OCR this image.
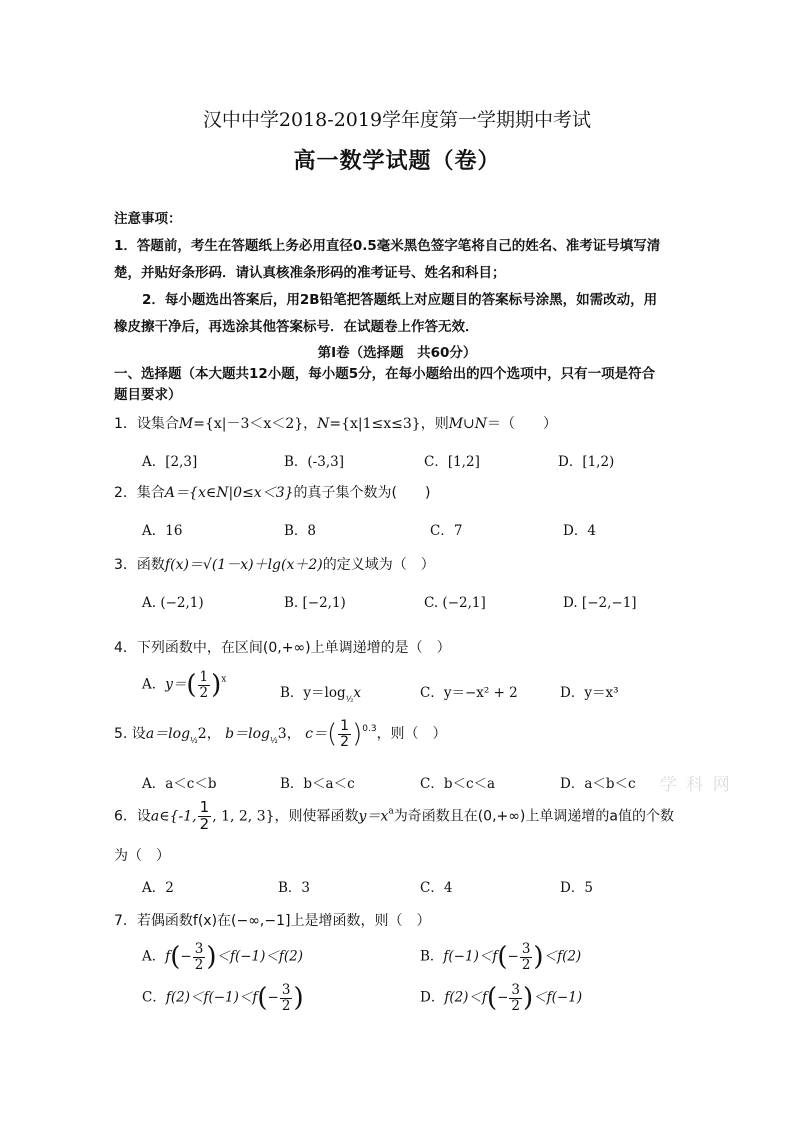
汉中中学2018-2019学年度第一学期期中考试
高一数学试题（卷）
注意事项：
1．答题前，考生在答题纸上务必用直径0.5毫米黑色签字笔将自己的姓名、准考证号填写清
楚，并贴好条形码．请认真核准条形码的准考证号、姓名和科目；
2．每小题选出答案后，用2B铅笔把答题纸上对应题目的答案标号涂黑，如需改动，用
橡皮擦干净后，再选涂其他答案标号．在试题卷上作答无效．
第Ⅰ卷（选择题　共60分）
一、选择题（本大题共12小题，每小题5分，在每小题给出的四个选项中，只有一项是符合
题目要求）
1．设集合M={x|－3＜x＜2}，N={x|1≤x≤3}，则M∪N＝（　　）
A．[2,3]	B．(-3,3]	C．[1,2]	D．[1,2)
2．集合A＝{x∈N|0≤x＜3}的真子集个数为(　　)
A．16	B．8	C．7	D．4
3．函数f(x)＝√(1－x)＋lg(x＋2)的定义域为（　）
A. (−2,1)	B. [−2,1)	C. (−2,1]	D. [−2,−1]
4．下列函数中，在区间(0,+∞)上单调递增的是（　）
A．$y=( \frac{1}{2} )^x$
B．$y=\log_{\frac{1}{2}}x$	C．y＝−x² + 2	D．y＝x³
5. 设$a=\log_{\frac{1}{2}}2$， $b=\log_{\frac{1}{2}}3$， $c=( \frac{1}{2} )^{0.3}$，则（　）
A．a＜c＜b	B．b＜a＜c	C．b＜c＜a	D．a＜b＜c 学 科 网
6．设a∈{-1, $\frac{1}{2}$ , 1, 2, 3}，则使幂函数$y=x^a$为奇函数且在(0,+∞)上单调递增的a值的个数
为（　）
A．2	B．3	C．4	D．5
7．若偶函数f(x)在(−∞,−1]上是增函数，则（　）
A．$f(- \frac{3}{2} )<f(-1)<f(2)$	B．$f(-1)<f(- \frac{3}{2} )<f(2)$
C．$f(2)<f(-1)<f(- \frac{3}{2}$ )	D．$f(2)<f(- \frac{3}{2} )<f(-1)$
